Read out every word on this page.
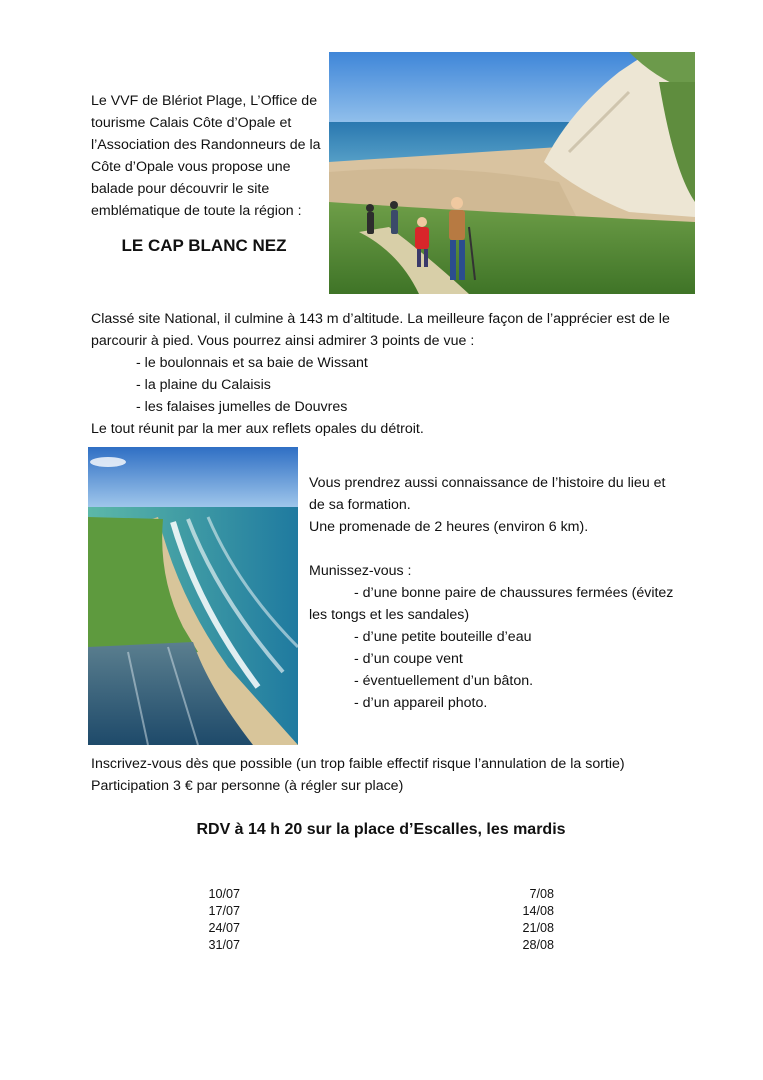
Le VVF de Blériot Plage, L’Office de

tourisme Calais Côte d’Opale et

l’Association des Randonneurs de la

Côte d’Opale vous propose une

balade pour découvrir le site

emblématique de toute la région :

LE CAP BLANC NEZ
Classé site National, il culmine à 143 m d’altitude. La meilleure façon de l’apprécier est de le
parcourir à pied. Vous pourrez ainsi admirer 3 points de vue :
- le boulonnais et sa baie de Wissant
- la plaine du Calaisis
- les falaises jumelles de Douvres
Le tout réunit par la mer aux reflets opales du détroit.
Vous prendrez aussi connaissance de l’histoire du lieu et
de sa formation.
Une promenade de 2 heures (environ 6 km).
Munissez-vous :
- d’une bonne paire de chaussures fermées (évitez
les tongs et les sandales)
- d’une petite bouteille d’eau
- d’un coupe vent
- éventuellement d’un bâton.
- d’un appareil photo.
Inscrivez-vous dès que possible (un trop faible effectif risque l’annulation de la sortie)
Participation 3 € par personne (à régler sur place)
RDV à 14 h 20 sur la place d’Escalles, les mardis
10/07
17/07
24/07
31/07
7/08
14/08
21/08
28/08
